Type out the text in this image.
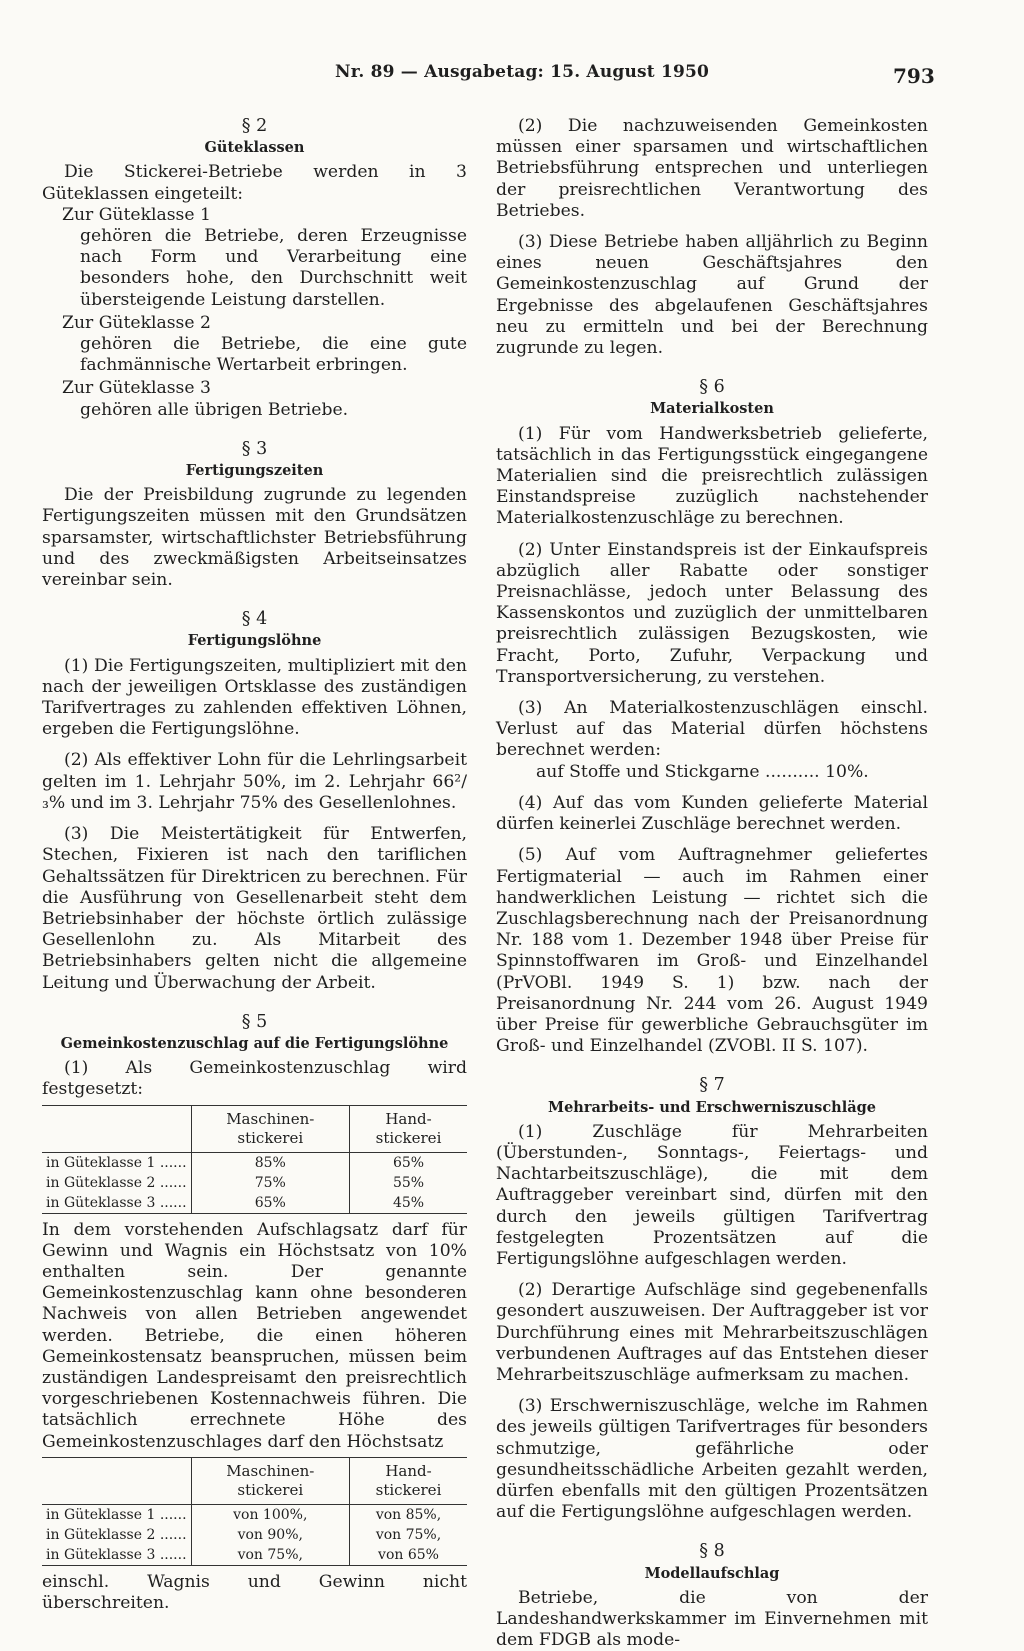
Nr. 89 — Ausgabetag: 15. August 1950	793

§ 2

Güteklassen

Die Stickerei-Betriebe werden in 3 Güteklassen eingeteilt:

Zur Güteklasse 1

gehören die Betriebe, deren Erzeugnisse nach Form und Verarbeitung eine besonders hohe, den Durchschnitt weit übersteigende Leistung darstellen.

Zur Güteklasse 2

gehören die Betriebe, die eine gute fachmännische Wertarbeit erbringen.

Zur Güteklasse 3

gehören alle übrigen Betriebe.

§ 3

Fertigungszeiten

Die der Preisbildung zugrunde zu legenden Fertigungszeiten müssen mit den Grundsätzen sparsamster, wirtschaftlichster Betriebsführung und des zweckmäßigsten Arbeitseinsatzes vereinbar sein.

§ 4

Fertigungslöhne

(1) Die Fertigungszeiten, multipliziert mit den nach der jeweiligen Ortsklasse des zuständigen Tarifvertrages zu zahlenden effektiven Löhnen, ergeben die Fertigungslöhne.

(2) Als effektiver Lohn für die Lehrlingsarbeit gelten im 1. Lehrjahr 50%, im 2. Lehrjahr 66²/₃% und im 3. Lehrjahr 75% des Gesellenlohnes.

(3) Die Meistertätigkeit für Entwerfen, Stechen, Fixieren ist nach den tariflichen Gehaltssätzen für Direktricen zu berechnen. Für die Ausführung von Gesellenarbeit steht dem Betriebsinhaber der höchste örtlich zulässige Gesellenlohn zu. Als Mitarbeit des Betriebsinhabers gelten nicht die allgemeine Leitung und Überwachung der Arbeit.

§ 5

Gemeinkostenzuschlag auf die Fertigungslöhne

(1) Als Gemeinkostenzuschlag wird festgesetzt:

	Maschinen-stickerei	Hand-stickerei
in Güteklasse 1 ......	85%	65%
in Güteklasse 2 ......	75%	55%
in Güteklasse 3 ......	65%	45%

In dem vorstehenden Aufschlagsatz darf für Gewinn und Wagnis ein Höchstsatz von 10% enthalten sein. Der genannte Gemeinkostenzuschlag kann ohne besonderen Nachweis von allen Betrieben angewendet werden. Betriebe, die einen höheren Gemeinkostensatz beanspruchen, müssen beim zuständigen Landespreisamt den preisrechtlich vorgeschriebenen Kostennachweis führen. Die tatsächlich errechnete Höhe des Gemeinkostenzuschlages darf den Höchstsatz

	Maschinen-stickerei	Hand-stickerei
in Güteklasse 1 ......	von 100%,	von 85%,
in Güteklasse 2 ......	von 90%,	von 75%,
in Güteklasse 3 ......	von 75%,	von 65%

einschl. Wagnis und Gewinn nicht überschreiten.

(2) Die nachzuweisenden Gemeinkosten müssen einer sparsamen und wirtschaftlichen Betriebsführung entsprechen und unterliegen der preisrechtlichen Verantwortung des Betriebes.

(3) Diese Betriebe haben alljährlich zu Beginn eines neuen Geschäftsjahres den Gemeinkostenzuschlag auf Grund der Ergebnisse des abgelaufenen Geschäftsjahres neu zu ermitteln und bei der Berechnung zugrunde zu legen.

§ 6

Materialkosten

(1) Für vom Handwerksbetrieb gelieferte, tatsächlich in das Fertigungsstück eingegangene Materialien sind die preisrechtlich zulässigen Einstandspreise zuzüglich nachstehender Materialkostenzuschläge zu berechnen.

(2) Unter Einstandspreis ist der Einkaufspreis abzüglich aller Rabatte oder sonstiger Preisnachlässe, jedoch unter Belassung des Kassenskontos und zuzüglich der unmittelbaren preisrechtlich zulässigen Bezugskosten, wie Fracht, Porto, Zufuhr, Verpackung und Transportversicherung, zu verstehen.

(3) An Materialkostenzuschlägen einschl. Verlust auf das Material dürfen höchstens berechnet werden:

auf Stoffe und Stickgarne .......... 10%.

(4) Auf das vom Kunden gelieferte Material dürfen keinerlei Zuschläge berechnet werden.

(5) Auf vom Auftragnehmer geliefertes Fertigmaterial — auch im Rahmen einer handwerklichen Leistung — richtet sich die Zuschlagsberechnung nach der Preisanordnung Nr. 188 vom 1. Dezember 1948 über Preise für Spinnstoffwaren im Groß- und Einzelhandel (PrVOBl. 1949 S. 1) bzw. nach der Preisanordnung Nr. 244 vom 26. August 1949 über Preise für gewerbliche Gebrauchsgüter im Groß- und Einzelhandel (ZVOBl. II S. 107).

§ 7

Mehrarbeits- und Erschwerniszuschläge

(1) Zuschläge für Mehrarbeiten (Überstunden-, Sonntags-, Feiertags- und Nachtarbeitszuschläge), die mit dem Auftraggeber vereinbart sind, dürfen mit den durch den jeweils gültigen Tarifvertrag festgelegten Prozentsätzen auf die Fertigungslöhne aufgeschlagen werden.

(2) Derartige Aufschläge sind gegebenenfalls gesondert auszuweisen. Der Auftraggeber ist vor Durchführung eines mit Mehrarbeitszuschlägen verbundenen Auftrages auf das Entstehen dieser Mehrarbeitszuschläge aufmerksam zu machen.

(3) Erschwerniszuschläge, welche im Rahmen des jeweils gültigen Tarifvertrages für besonders schmutzige, gefährliche oder gesundheitsschädliche Arbeiten gezahlt werden, dürfen ebenfalls mit den gültigen Prozentsätzen auf die Fertigungslöhne aufgeschlagen werden.

§ 8

Modellaufschlag

Betriebe, die von der Landeshandwerkskammer im Einvernehmen mit dem FDGB als mode-
